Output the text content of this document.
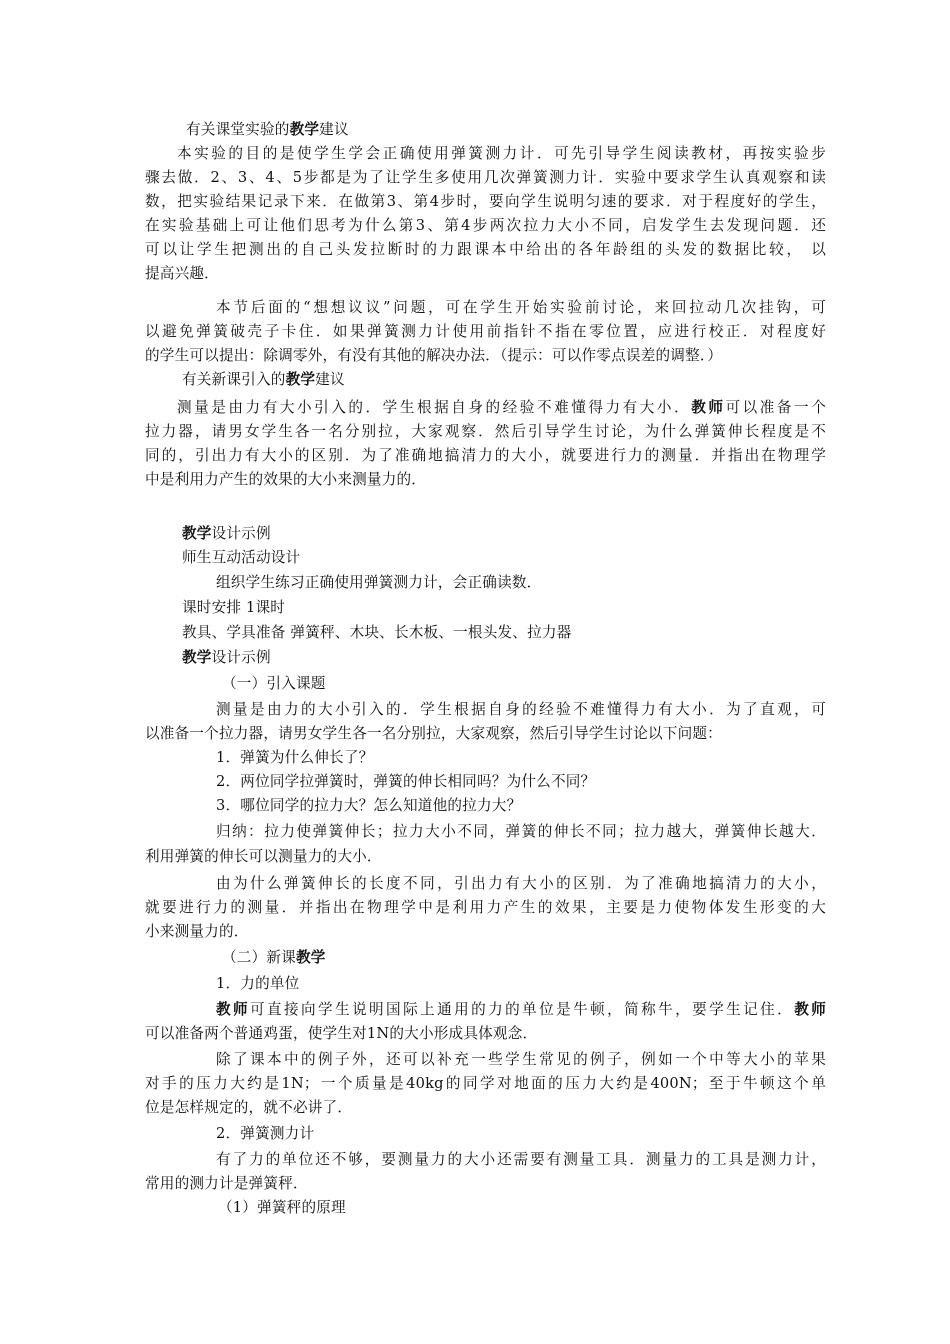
有关课堂实验的教学建议
本实验的目的是使学生学会正确使用弹簧测力计．可先引导学生阅读教材，再按实验步
骤去做．2、3、4、5步都是为了让学生多使用几次弹簧测力计．实验中要求学生认真观察和读
数，把实验结果记录下来．在做第3、第4步时，要向学生说明匀速的要求．对于程度好的学生，
在实验基础上可让他们思考为什么第3、第4步两次拉力大小不同，启发学生去发现问题．还
可以让学生把测出的自己头发拉断时的力跟课本中给出的各年龄组的头发的数据比较， 以
提高兴趣．
本节后面的“想想议议”问题，可在学生开始实验前讨论，来回拉动几次挂钩，可
以避免弹簧破壳子卡住．如果弹簧测力计使用前指针不指在零位置，应进行校正．对程度好
的学生可以提出：除调零外，有没有其他的解决办法．（提示：可以作零点误差的调整．）
有关新课引入的教学建议
测量是由力有大小引入的．学生根据自身的经验不难懂得力有大小．教师可以准备一个
拉力器，请男女学生各一名分别拉，大家观察．然后引导学生讨论，为什么弹簧伸长程度是不
同的，引出力有大小的区别．为了准确地搞清力的大小，就要进行力的测量．并指出在物理学
中是利用力产生的效果的大小来测量力的．
教学设计示例
师生互动活动设计
组织学生练习正确使用弹簧测力计，会正确读数．
课时安排 1课时
教具、学具准备 弹簧秤、木块、长木板、一根头发、拉力器
教学设计示例
（一）引入课题
测量是由力的大小引入的．学生根据自身的经验不难懂得力有大小．为了直观，可
以准备一个拉力器，请男女学生各一名分别拉，大家观察，然后引导学生讨论以下问题：
1．弹簧为什么伸长了？
2．两位同学拉弹簧时，弹簧的伸长相同吗？为什么不同？
3．哪位同学的拉力大？怎么知道他的拉力大？
归纳：拉力使弹簧伸长；拉力大小不同，弹簧的伸长不同；拉力越大，弹簧伸长越大．
利用弹簧的伸长可以测量力的大小．
由为什么弹簧伸长的长度不同，引出力有大小的区别．为了准确地搞清力的大小，
就要进行力的测量．并指出在物理学中是利用力产生的效果，主要是力使物体发生形变的大
小来测量力的．
（二）新课教学
1．力的单位
教师可直接向学生说明国际上通用的力的单位是牛顿，简称牛，要学生记住．教师
可以准备两个普通鸡蛋，使学生对1N的大小形成具体观念．
除了课本中的例子外，还可以补充一些学生常见的例子，例如一个中等大小的苹果
对手的压力大约是1N；一个质量是40kg的同学对地面的压力大约是400N；至于牛顿这个单
位是怎样规定的，就不必讲了．
2．弹簧测力计
有了力的单位还不够，要测量力的大小还需要有测量工具．测量力的工具是测力计，
常用的测力计是弹簧秤．
（1）弹簧秤的原理
